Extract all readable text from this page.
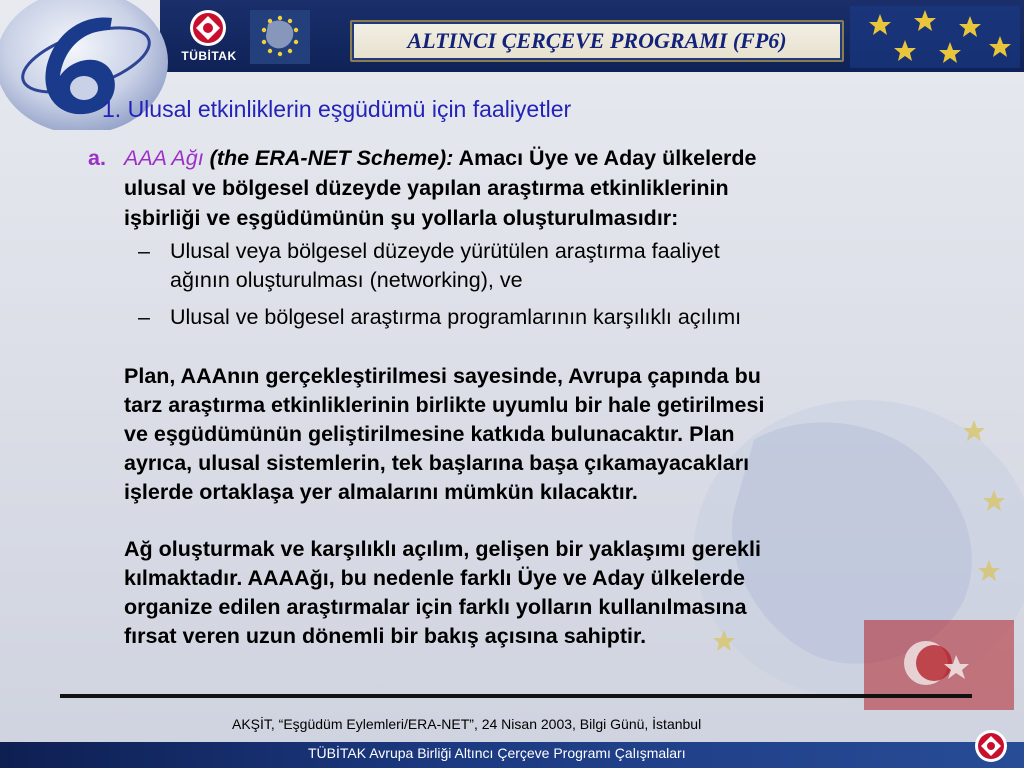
TÜBİTAK
ALTINCI ÇERÇEVE PROGRAMI (FP6)
1. Ulusal etkinliklerin eşgüdümü için faaliyetler
a. AAA Ağı (the ERA-NET Scheme): Amacı Üye ve Aday ülkelerde
ulusal ve bölgesel düzeyde yapılan araştırma etkinliklerinin
işbirliği ve eşgüdümünün şu yollarla oluşturulmasıdır:
– Ulusal veya bölgesel düzeyde yürütülen araştırma faaliyet
ağının oluşturulması (networking), ve
– Ulusal ve bölgesel araştırma programlarının karşılıklı açılımı
Plan, AAAnın gerçekleştirilmesi sayesinde, Avrupa çapında bu
tarz araştırma etkinliklerinin birlikte uyumlu bir hale getirilmesi
ve eşgüdümünün geliştirilmesine katkıda bulunacaktır. Plan
ayrıca, ulusal sistemlerin, tek başlarına başa çıkamayacakları
işlerde ortaklaşa yer almalarını mümkün kılacaktır.
Ağ oluşturmak ve karşılıklı açılım, gelişen bir yaklaşımı gerekli
kılmaktadır. AAAAğı, bu nedenle farklı Üye ve Aday ülkelerde
organize edilen araştırmalar için farklı yolların kullanılmasına
fırsat veren uzun dönemli bir bakış açısına sahiptir.
AKŞİT, “Eşgüdüm Eylemleri/ERA-NET”, 24 Nisan 2003, Bilgi Günü, İstanbul
TÜBİTAK Avrupa Birliği Altıncı Çerçeve Programı Çalışmaları
